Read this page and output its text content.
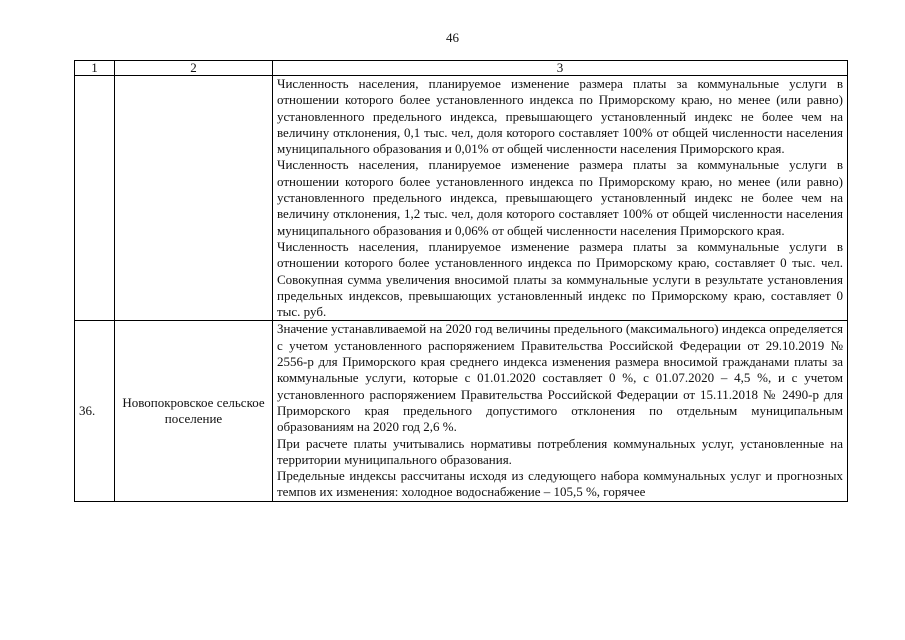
46
1	2	3

		Численность населения, планируемое изменение размера платы за коммунальные услуги в отношении которого более установленного индекса по Приморскому краю, но менее (или равно) установленного предельного индекса, превышающего установленный индекс не более чем на величину отклонения, 0,1 тыс. чел, доля которого составляет 100% от общей численности населения муниципального образования и 0,01% от общей численности населения Приморского края.

Численность населения, планируемое изменение размера платы за коммунальные услуги в отношении которого более установленного индекса по Приморскому краю, но менее (или равно) установленного предельного индекса, превышающего установленный индекс не более чем на величину отклонения, 1,2 тыс. чел, доля которого составляет 100% от общей численности населения муниципального образования и 0,06% от общей численности населения Приморского края.

Численность населения, планируемое изменение размера платы за коммунальные услуги в отношении которого более установленного индекса по Приморскому краю, составляет 0 тыс. чел. Совокупная сумма увеличения вносимой платы за коммунальные услуги в результате установления предельных индексов, превышающих установленный индекс по Приморскому краю, составляет 0 тыс. руб.

36.	Новопокровское сельское поселение	Значение устанавливаемой на 2020 год величины предельного (максимального) индекса определяется с учетом установленного распоряжением Правительства Российской Федерации от 29.10.2019 № 2556-р для Приморского края среднего индекса изменения размера вносимой гражданами платы за коммунальные услуги, которые с 01.01.2020 составляет 0 %, с 01.07.2020 – 4,5 %, и с учетом установленного распоряжением Правительства Российской Федерации от 15.11.2018 № 2490-р для Приморского края предельного допустимого отклонения по отдельным муниципальным образованиям на 2020 год 2,6 %.

При расчете платы учитывались нормативы потребления коммунальных услуг, установленные на территории муниципального образования.

Предельные индексы рассчитаны исходя из следующего набора коммунальных услуг и прогнозных темпов их изменения: холодное водоснабжение – 105,5 %, горячее
